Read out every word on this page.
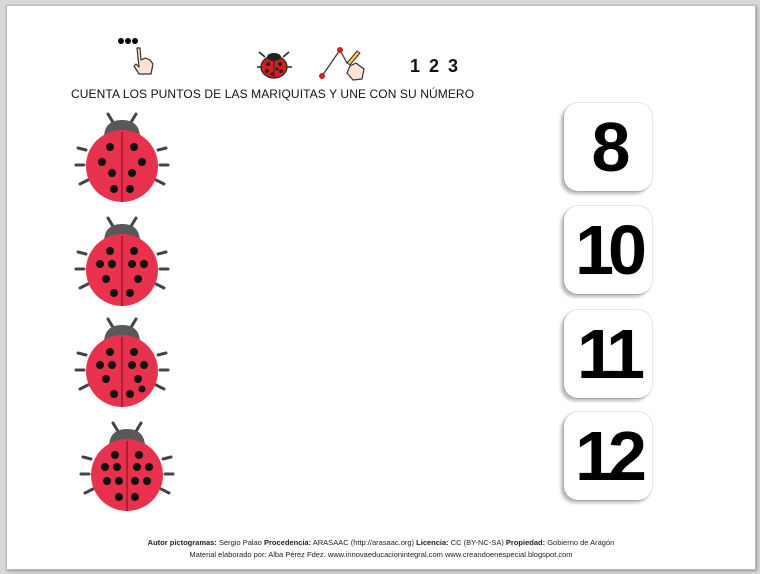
1 2 3
CUENTA LOS PUNTOS DE LAS MARIQUITAS Y UNE CON SU NÚMERO
8
10
11
12
Autor pictogramas: Sergio Palao Procedencia: ARASAAC (http://arasaac.org) Licencia: CC (BY-NC-SA) Propiedad: Gobierno de Aragón
Material elaborado por: Alba Pérez Fdez. www.innovaeducacionintegral.com www.creandoenespecial.blogspot.com
